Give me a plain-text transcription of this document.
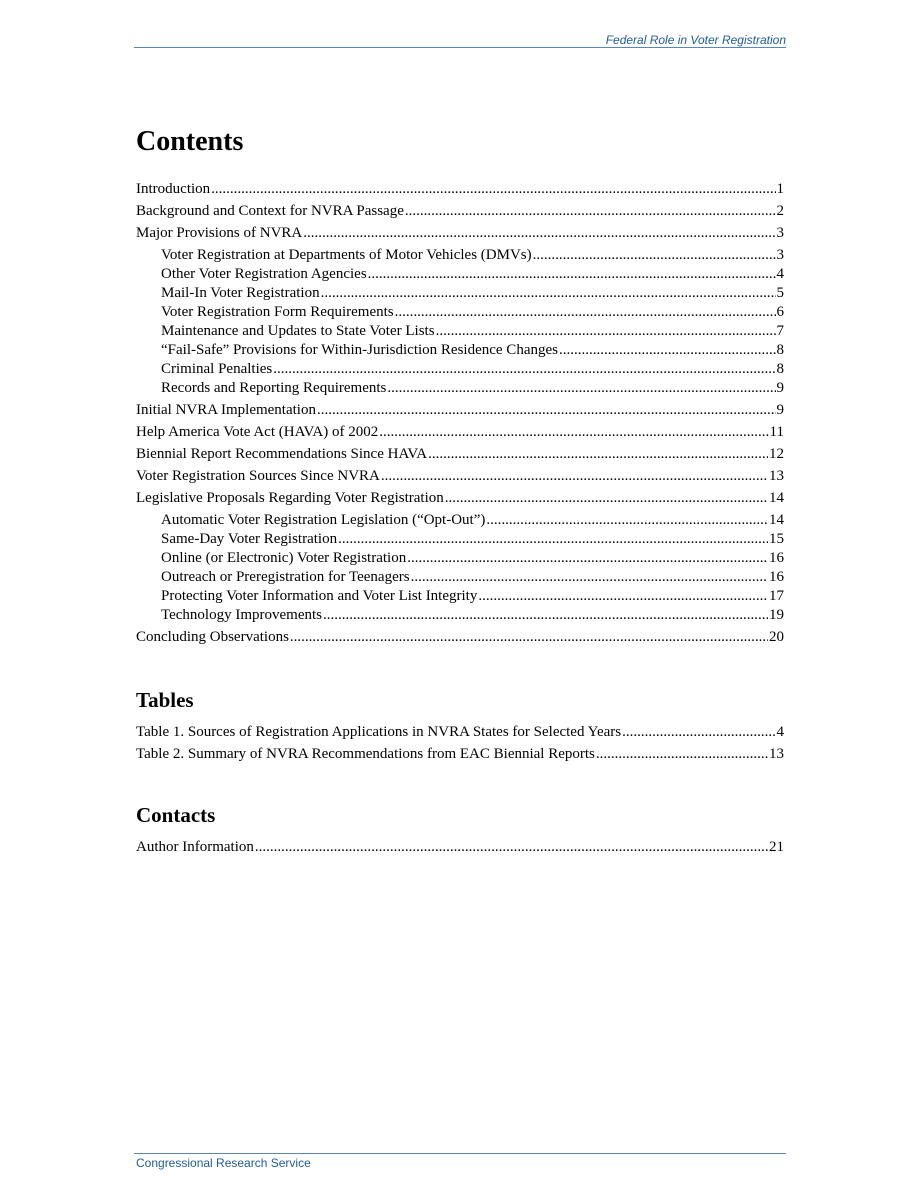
Federal Role in Voter Registration
Contents
Introduction .....	1
Background and Context for NVRA Passage .....	2
Major Provisions of NVRA .....	3
Voter Registration at Departments of Motor Vehicles (DMVs) .....	3
Other Voter Registration Agencies .....	4
Mail-In Voter Registration .....	5
Voter Registration Form Requirements .....	6
Maintenance and Updates to State Voter Lists .....	7
“Fail-Safe” Provisions for Within-Jurisdiction Residence Changes .....	8
Criminal Penalties .....	8
Records and Reporting Requirements .....	9
Initial NVRA Implementation .....	9
Help America Vote Act (HAVA) of 2002 .....	11
Biennial Report Recommendations Since HAVA .....	12
Voter Registration Sources Since NVRA .....	13
Legislative Proposals Regarding Voter Registration .....	14
Automatic Voter Registration Legislation (“Opt-Out”) .....	14
Same-Day Voter Registration .....	15
Online (or Electronic) Voter Registration .....	16
Outreach or Preregistration for Teenagers .....	16
Protecting Voter Information and Voter List Integrity .....	17
Technology Improvements .....	19
Concluding Observations .....	20
Tables
Table 1. Sources of Registration Applications in NVRA States for Selected Years .....	4
Table 2. Summary of NVRA Recommendations from EAC Biennial Reports .....	13
Contacts
Author Information .....	21
Congressional Research Service
